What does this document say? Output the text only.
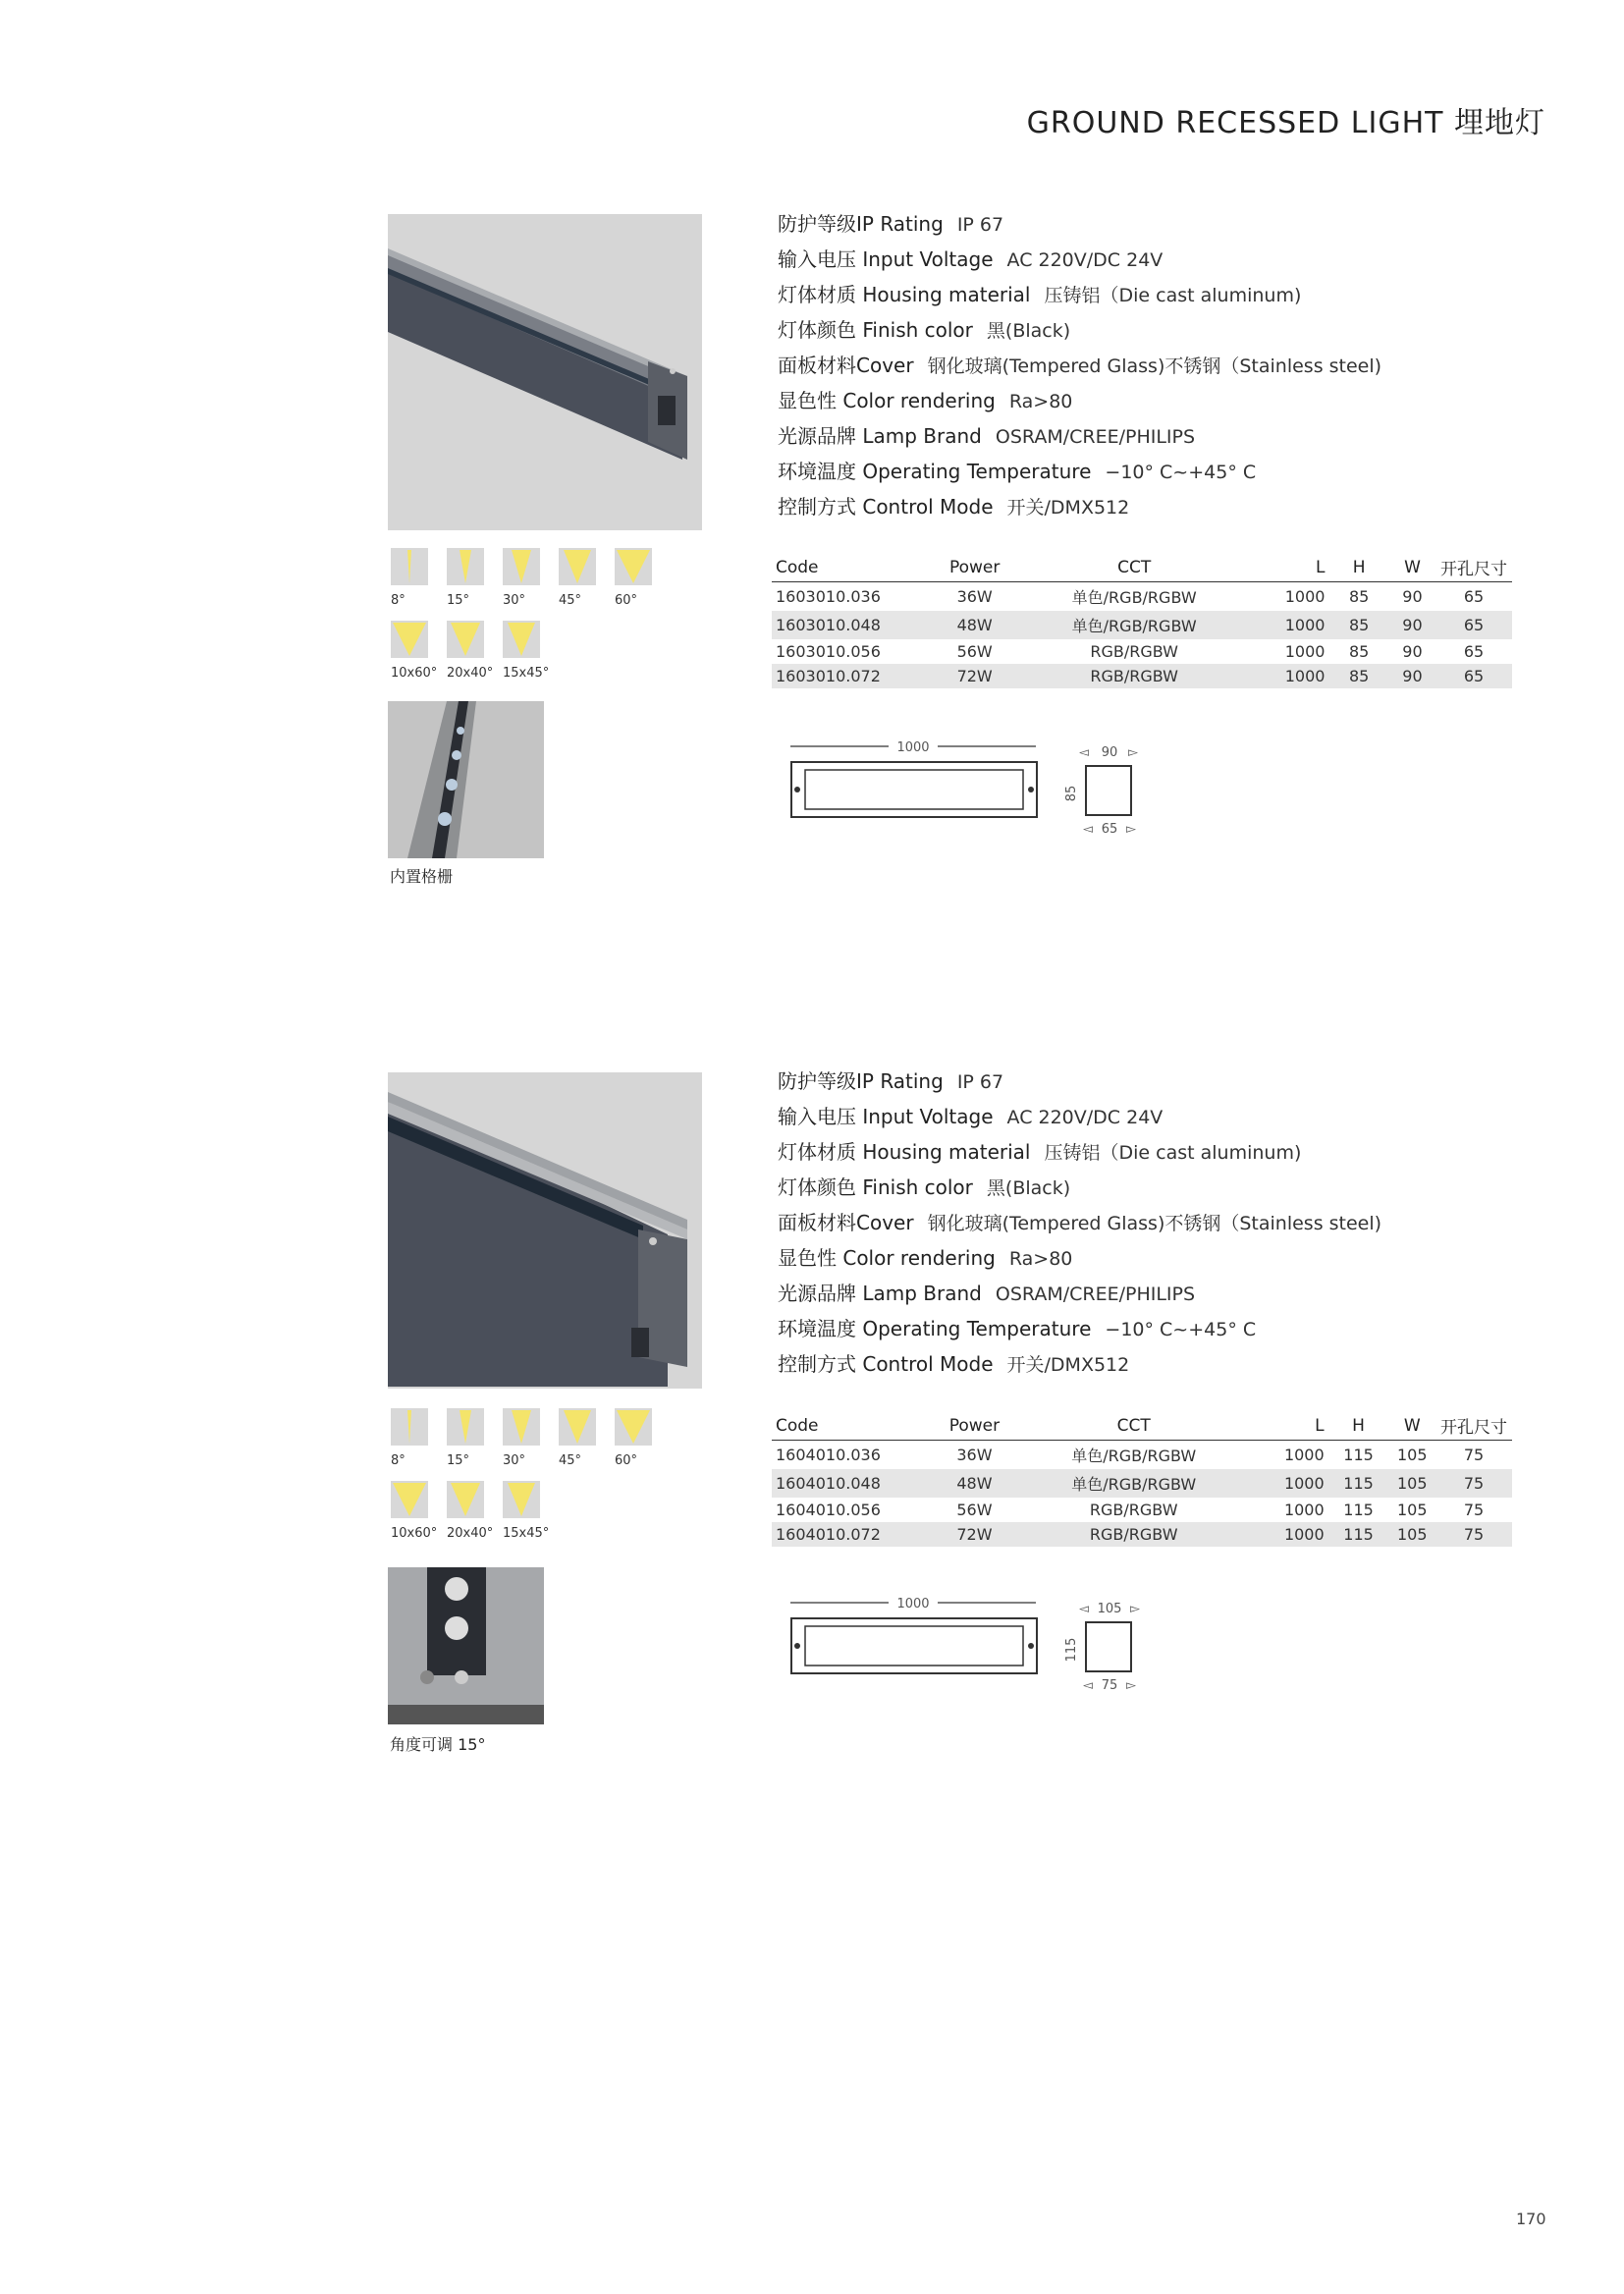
GROUND RECESSED LIGHT 埋地灯
8°	15°	30°	45°	60°
10x60° 20x40° 15x45°
内置格栅
防护等级IP Rating IP 67
输入电压 Input Voltage AC 220V/DC 24V
灯体材质 Housing material 压铸铝（Die cast aluminum)
灯体颜色 Finish color 黑(Black)
面板材料Cover 钢化玻璃(Tempered Glass)不锈钢（Stainless steel)
显色性 Color rendering Ra>80
光源品牌 Lamp Brand OSRAM/CREE/PHILIPS
环境温度 Operating Temperature −10° C~+45° C
控制方式 Control Mode 开关/DMX512
Code	Power	CCT	L	H	W	开孔尺寸
1603010.036	36W	单色/RGB/RGBW	1000	85	90	65
1603010.048	48W	单色/RGB/RGBW	1000	85	90	65
1603010.056	56W	RGB/RGBW	1000	85	90	65
1603010.072	72W	RGB/RGBW	1000	85	90	65
1000	90
◅	▻
85
65
◅	▻
8°	15°	30°	45°	60°
10x60° 20x40° 15x45°
角度可调 15°
防护等级IP Rating IP 67
输入电压 Input Voltage AC 220V/DC 24V
灯体材质 Housing material 压铸铝（Die cast aluminum)
灯体颜色 Finish color 黑(Black)
面板材料Cover 钢化玻璃(Tempered Glass)不锈钢（Stainless steel)
显色性 Color rendering Ra>80
光源品牌 Lamp Brand OSRAM/CREE/PHILIPS
环境温度 Operating Temperature −10° C~+45° C
控制方式 Control Mode 开关/DMX512
Code	Power	CCT	L	H	W	开孔尺寸
1604010.036	36W	单色/RGB/RGBW	1000	115	105	75
1604010.048	48W	单色/RGB/RGBW	1000	115	105	75
1604010.056	56W	RGB/RGBW	1000	115	105	75
1604010.072	72W	RGB/RGBW	1000	115	105	75
1000	105
◅	▻
115
75
◅	▻
170
